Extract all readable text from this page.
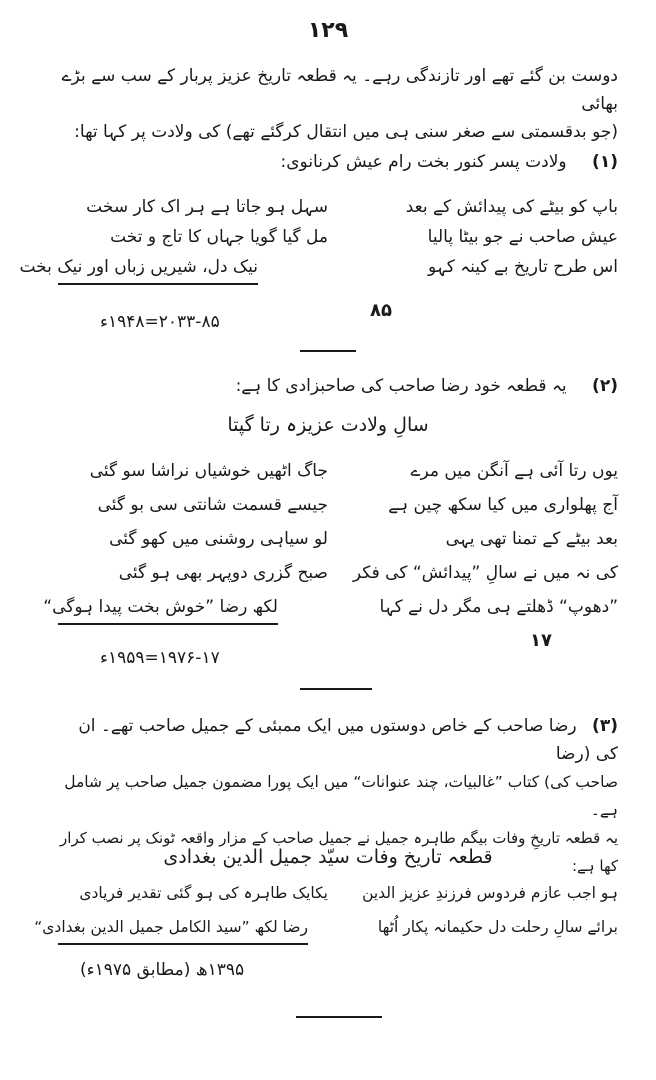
۱۲۹
دوست بن گئے تھے اور تازندگی رہے۔ یہ قطعہ تاریخ عزیز پربار کے سب سے بڑے بھائی
(جو بدقسمتی سے صغر سنی ہی میں انتقال کرگئے تھے) کی ولادت پر کہا تھا:
(۱) ولادت پسر کنور بخت رام عیش کرنانوی:
باپ کو بیٹے کی پیدائش کے بعد
سہل ہو جاتا ہے ہر اک کار سخت
عیش صاحب نے جو بیٹا پالیا
مل گیا گویا جہاں کا تاج و تخت
اس طرح تاریخ بے کینہ کہو
نیک دل، شیریں زباں اور نیک بخت
۸۵
۲۰۳۳-۸۵=۱۹۴۸ء
(۲) یہ قطعہ خود رضا صاحب کی صاحبزادی کا ہے:
سالِ ولادت عزیزہ رتا گپتا
یوں رتا آئی ہے آنگن میں مرے
جاگ اٹھیں خوشیاں نراشا سو گئی
آج پھلواری میں کیا سکھ چین ہے
جیسے قسمت شانتی سی بو گئی
بعد بیٹے کے تمنا تھی یہی
لو سیاہی روشنی میں کھو گئی
کی نہ میں نے سالِ ”پیدائش“ کی فکر
صبح گزری دوپہر بھی ہو گئی
”دھوپ“ ڈھلتے ہی مگر دل نے کہا
لکھ رضا ”خوش بخت پیدا ہوگی“
۱۷
۱۹۷۶-۱۷=۱۹۵۹ء
(۳) رضا صاحب کے خاص دوستوں میں ایک ممبئی کے جمیل صاحب تھے۔ ان کی (رضا
صاحب کی) کتاب ”غالبیات، چند عنوانات“ میں ایک پورا مضمون جمیل صاحب پر شامل ہے۔
یہ قطعہ تاریخِ وفات بیگم طاہرہ جمیل نے جمیل صاحب کے مزار واقعہ ٹونک پر نصب کرار کھا ہے:
قطعہ تاریخ وفات سیّد جمیل الدین بغدادی
ہو اجب عازم فردوس فرزندِ عزیز الدین
یکایک طاہرہ کی ہو گئی تقدیر فریادی
برائے سالِ رحلت دل حکیمانہ پکار اُٹھا
رضا لکھ ”سید الکامل جمیل الدین بغدادی“
۱۳۹۵ھ (مطابق ۱۹۷۵ء)
